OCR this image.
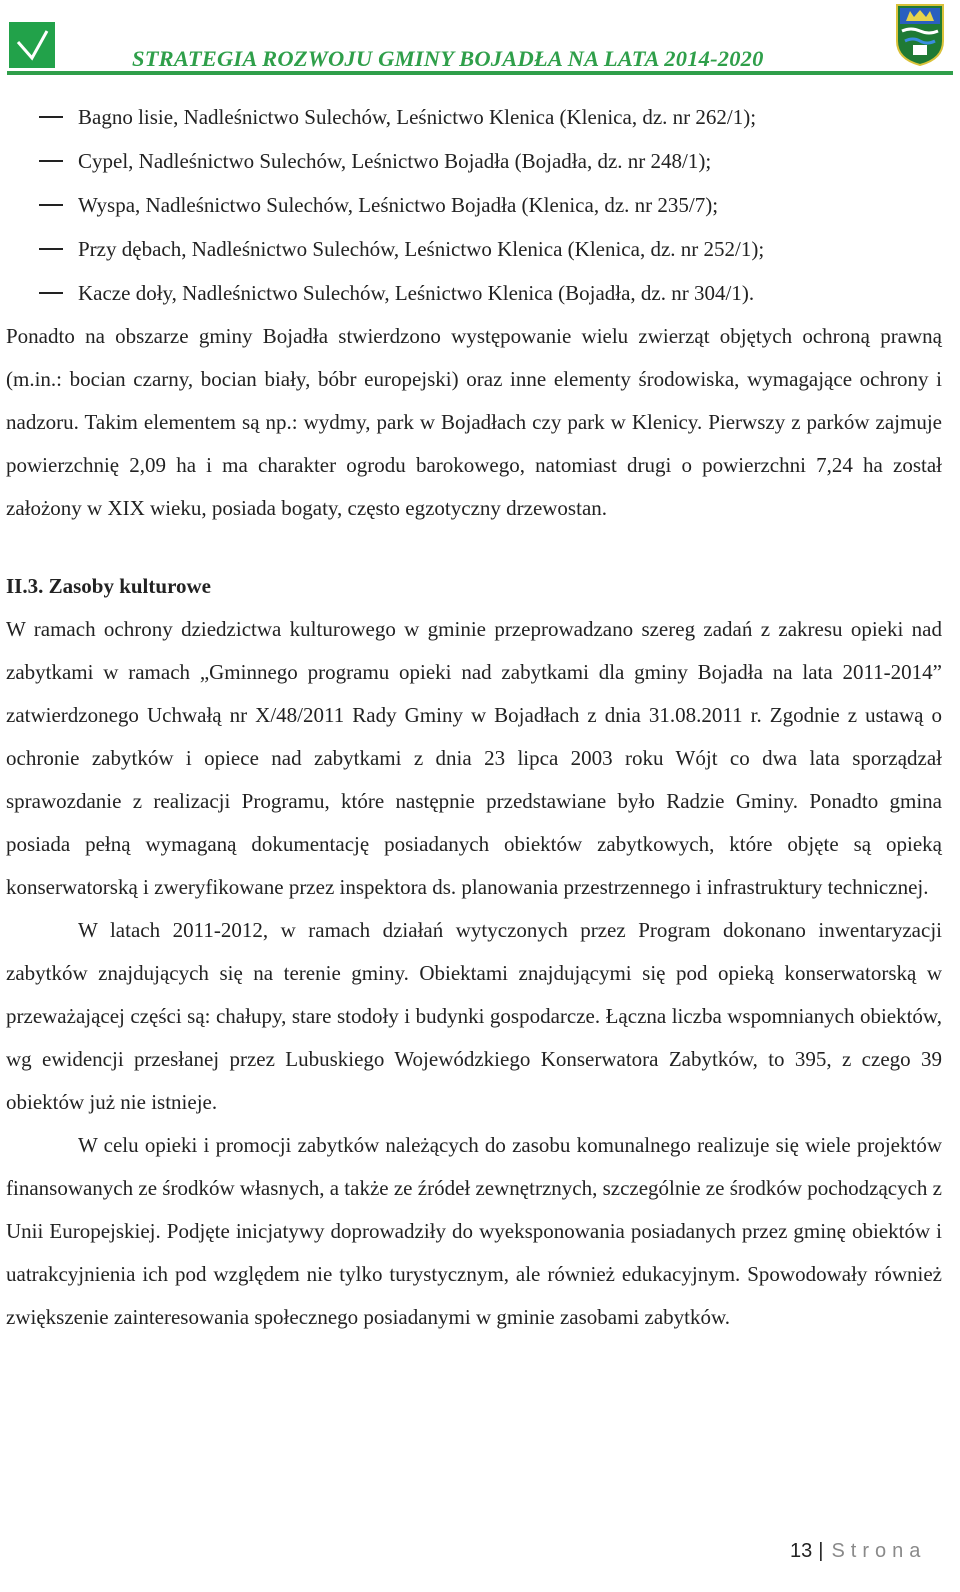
STRATEGIA ROZWOJU GMINY BOJADŁA NA LATA 2014-2020
Bagno lisie, Nadleśnictwo Sulechów, Leśnictwo Klenica (Klenica, dz. nr 262/1);
Cypel, Nadleśnictwo Sulechów, Leśnictwo Bojadła (Bojadła, dz. nr 248/1);
Wyspa, Nadleśnictwo Sulechów, Leśnictwo Bojadła (Klenica, dz. nr 235/7);
Przy dębach, Nadleśnictwo Sulechów, Leśnictwo Klenica (Klenica, dz. nr 252/1);
Kacze doły, Nadleśnictwo Sulechów, Leśnictwo Klenica (Bojadła, dz. nr 304/1).

Ponadto na obszarze gminy Bojadła stwierdzono występowanie wielu zwierząt objętych ochroną prawną (m.in.: bocian czarny, bocian biały, bóbr europejski) oraz inne elementy środowiska, wymagające ochrony i nadzoru. Takim elementem są np.: wydmy, park w Bojadłach czy park w Klenicy. Pierwszy z parków zajmuje powierzchnię 2,09 ha i ma charakter ogrodu barokowego, natomiast drugi o powierzchni 7,24 ha został założony w XIX wieku, posiada bogaty, często egzotyczny drzewostan.

II.3. Zasoby kulturowe

W ramach ochrony dziedzictwa kulturowego w gminie przeprowadzano szereg zadań z zakresu opieki nad zabytkami w ramach „Gminnego programu opieki nad zabytkami dla gminy Bojadła na lata 2011-2014” zatwierdzonego Uchwałą nr X/48/2011 Rady Gminy w Bojadłach z dnia 31.08.2011 r. Zgodnie z ustawą o ochronie zabytków i opiece nad zabytkami z dnia 23 lipca 2003 roku Wójt co dwa lata sporządzał sprawozdanie z realizacji Programu, które następnie przedstawiane było Radzie Gminy. Ponadto gmina posiada pełną wymaganą dokumentację posiadanych obiektów zabytkowych, które objęte są opieką konserwatorską i zweryfikowane przez inspektora ds. planowania przestrzennego i infrastruktury technicznej.

W latach 2011-2012, w ramach działań wytyczonych przez Program dokonano inwentaryzacji zabytków znajdujących się na terenie gminy. Obiektami znajdującymi się pod opieką konserwatorską w przeważającej części są: chałupy, stare stodoły i budynki gospodarcze. Łączna liczba wspomnianych obiektów, wg ewidencji przesłanej przez Lubuskiego Wojewódzkiego Konserwatora Zabytków, to 395, z czego 39 obiektów już nie istnieje.

W celu opieki i promocji zabytków należących do zasobu komunalnego realizuje się wiele projektów finansowanych ze środków własnych, a także ze źródeł zewnętrznych, szczególnie ze środków pochodzących z Unii Europejskiej. Podjęte inicjatywy doprowadziły do wyeksponowania posiadanych przez gminę obiektów i uatrakcyjnienia ich pod względem nie tylko turystycznym, ale również edukacyjnym. Spowodowały również zwiększenie zainteresowania społecznego posiadanymi w gminie zasobami zabytków.

13 | Strona
